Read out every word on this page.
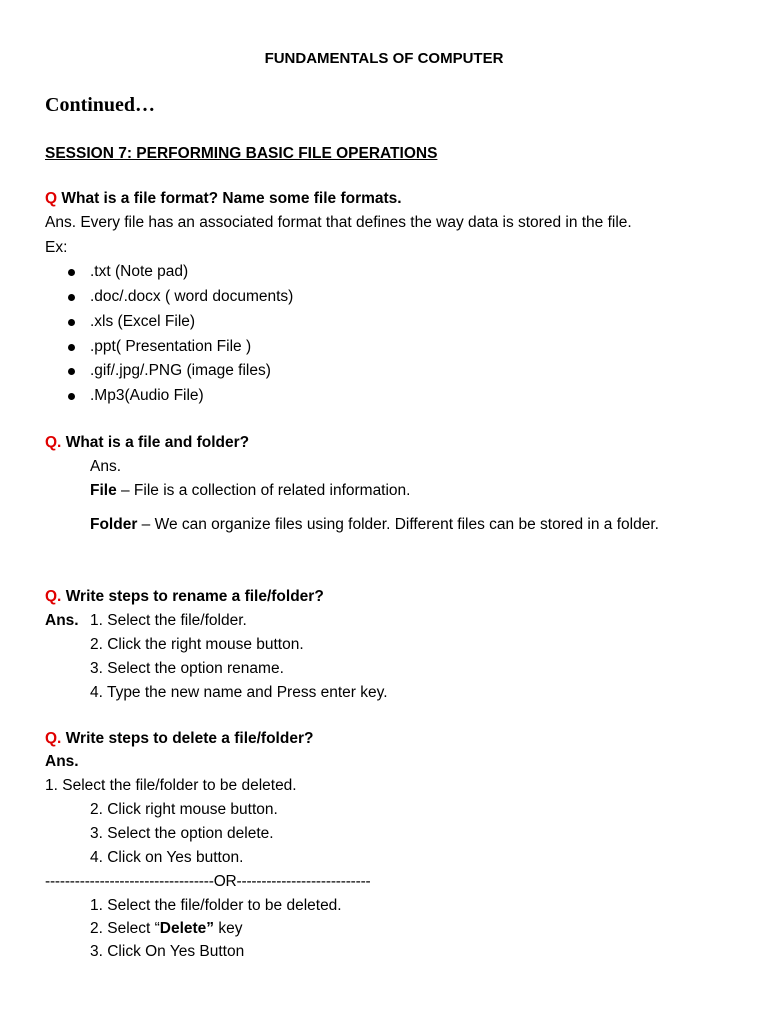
FUNDAMENTALS OF COMPUTER
Continued…
SESSION 7: PERFORMING BASIC FILE OPERATIONS
Q What is a file format? Name some file formats.
Ans. Every file has an associated format that defines the way data is stored in the file.
Ex:
.txt (Note pad)
.doc/.docx ( word documents)
.xls (Excel File)
.ppt( Presentation File )
.gif/.jpg/.PNG (image files)
.Mp3(Audio File)
Q. What is a file and folder?
Ans.
File – File is a collection of related information.
Folder – We can organize files using folder. Different files can be stored in a folder.
Q. Write steps to rename a file/folder?
Ans. 1. Select the file/folder.
2. Click the right mouse button.
3. Select the option rename.
4. Type the new name and Press enter key.
Q. Write steps to delete a file/folder?
Ans.
1. Select the file/folder to be deleted.
2. Click right mouse button.
3. Select the option delete.
4. Click on Yes button.
----------------------------------OR---------------------------
1. Select the file/folder to be deleted.
2. Select “Delete” key
3. Click On Yes Button
